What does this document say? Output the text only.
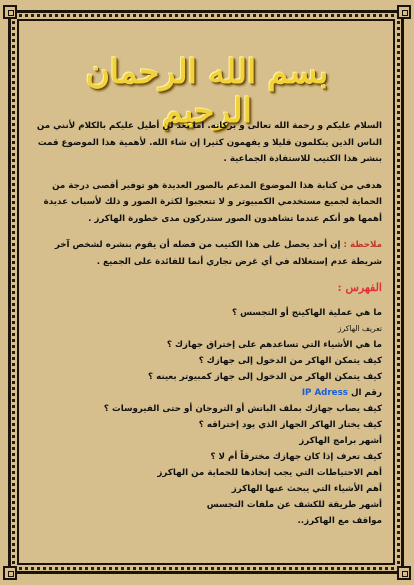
بسم الله الرحمان الرحيم

السلام عليكم و رحمة الله تعالى و بركاته. اما بعد لن أطيل عليكم بالكلام لأنني من الناس الذين يتكلمون قليلا و يفهمون كثيرا إن شاء الله. لأهمية هذا الموضوع قمت بنشر هذا الكتيب للاستفادة الجماعية .

هدفي من كتابة هذا الموضوع المدعم بالصور العديدة هو توفير أقصى درجة من الحماية لجميع مستخدمي الكمبيوتر و لا تتعجبوا لكثرة الصور و ذلك لأسباب عديدة أهمها هو أنكم عندما تشاهدون الصور ستدركون مدى خطورة الهاكرز .

ملاحظة : إن أحد يحصل على هذا الكتيب من فضله أن يقوم بنشره لشخص آخر شريطة عدم إستغلاله في أي غرض تجاري أنما للفائدة على الجميع .

الفهرس :
ما هي عملية الهاكينج أو التجسس ؟
تعريف الهاكرز
ما هي الأشياء التي تساعدهم على إختراق جهازك ؟
كيف يتمكن الهاكر من الدخول إلى جهازك ؟
كيف يتمكن الهاكر من الدخول إلى جهاز كمبيوتر بعينه ؟
رقم ال IP Adress
كيف يصاب جهازك بملف الباتش أو التروجان أو حتى الفيروسات ؟
كيف يختار الهاكر الجهاز الذي يود إختراقه ؟
أشهر برامج الهاكرز
كيف تعرف إذا كان جهازك مخترقاً أم لا ؟
أهم الاحتياطات التي يجب إتخاذها للحماية من الهاكرز
أهم الأشياء التي يبحث عنها الهاكرز
أشهر طريقة للكشف عن ملفات التجسس
مواقف مع الهاكرز..
